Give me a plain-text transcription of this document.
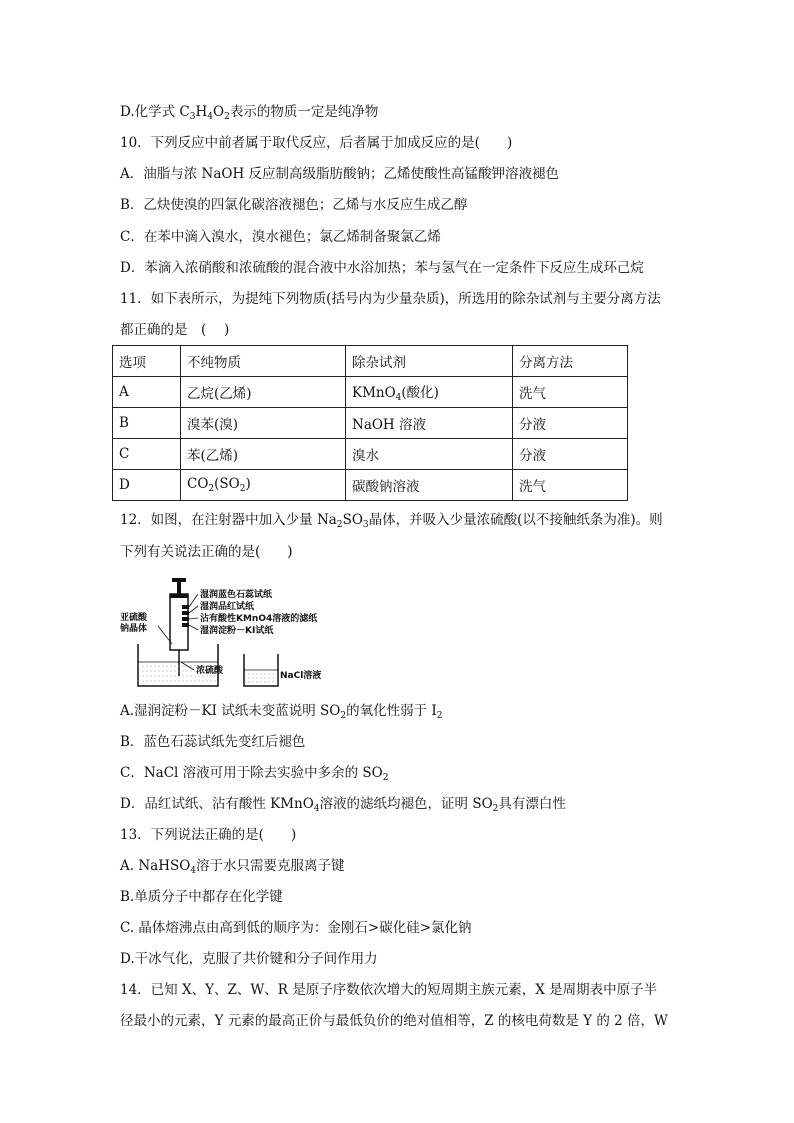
D.化学式 $C_3H_4O_2$表示的物质一定是纯净物
10．下列反应中前者属于取代反应，后者属于加成反应的是(　　)
A．油脂与浓 NaOH 反应制高级脂肪酸钠；乙烯使酸性高锰酸钾溶液褪色
B．乙炔使溴的四氯化碳溶液褪色；乙烯与水反应生成乙醇
C．在苯中滴入溴水，溴水褪色；氯乙烯制备聚氯乙烯
D．苯滴入浓硝酸和浓硫酸的混合液中水浴加热；苯与氢气在一定条件下反应生成环己烷
11．如下表所示，为提纯下列物质(括号内为少量杂质)，所选用的除杂试剂与主要分离方法
都正确的是　(　 )
选项	不纯物质	除杂试剂	分离方法
A	乙烷(乙烯)	KMnO$_4$(酸化)	洗气
B	溴苯(溴)	NaOH 溶液	分液
C	苯(乙烯)	溴水	分液
D	$CO_2(SO_2)$	碳酸钠溶液	洗气
12．如图，在注射器中加入少量 $Na_2SO_3$晶体，并吸入少量浓硫酸(以不接触纸条为准)。则
下列有关说法正确的是(　　)
湿润蓝色石蕊试纸
湿润品红试纸
沾有酸性KMnO4溶液的滤纸
湿润淀粉－KI试纸
亚硫酸
钠晶体
浓硫酸	NaCl溶液
A.湿润淀粉－KI 试纸未变蓝说明 $SO_2$的氧化性弱于 $I_2$
B．蓝色石蕊试纸先变红后褪色
C．NaCl 溶液可用于除去实验中多余的 $SO_2$
D．品红试纸、沾有酸性 KMnO$_4$溶液的滤纸均褪色，证明 $SO_2$具有漂白性
13．下列说法正确的是(　　)
A. NaHSO$_4$溶于水只需要克服离子键
B.单质分子中都存在化学键
C. 晶体熔沸点由高到低的顺序为：金刚石>碳化硅>氯化钠
D.干冰气化，克服了共价键和分子间作用力
14．已知 X、Y、Z、W、R 是原子序数依次增大的短周期主族元素，X 是周期表中原子半
径最小的元素，Y 元素的最高正价与最低负价的绝对值相等，Z 的核电荷数是 Y 的 2 倍，W
